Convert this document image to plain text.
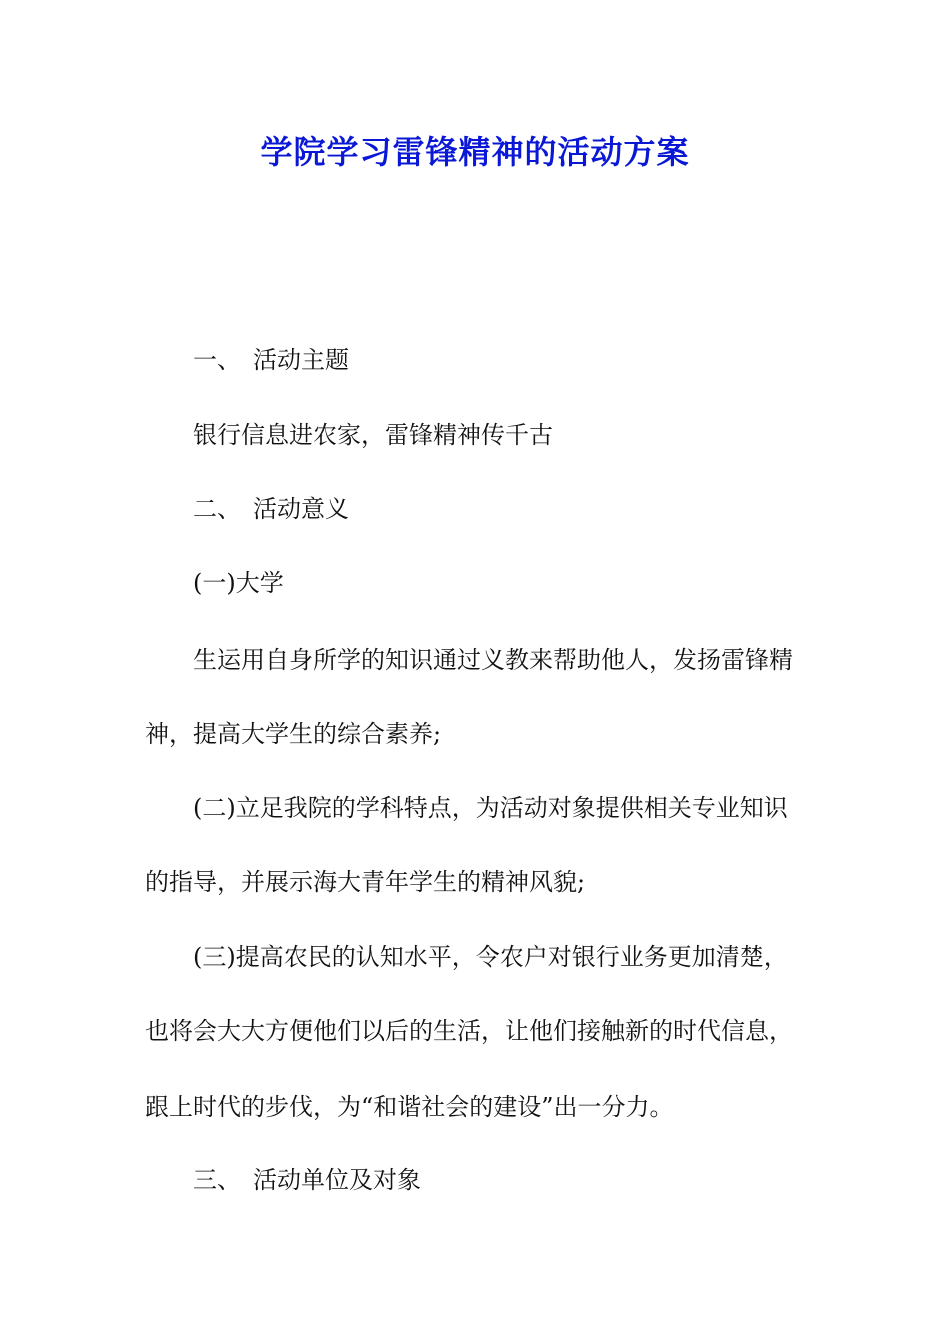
学院学习雷锋精神的活动方案
一、 活动主题
银行信息进农家，雷锋精神传千古
二、 活动意义
(一)大学
生运用自身所学的知识通过义教来帮助他人，发扬雷锋精
神，提高大学生的综合素养;
(二)立足我院的学科特点，为活动对象提供相关专业知识
的指导，并展示海大青年学生的精神风貌;
(三)提高农民的认知水平，令农户对银行业务更加清楚，
也将会大大方便他们以后的生活，让他们接触新的时代信息，
跟上时代的步伐，为“和谐社会的建设”出一分力。
三、 活动单位及对象
